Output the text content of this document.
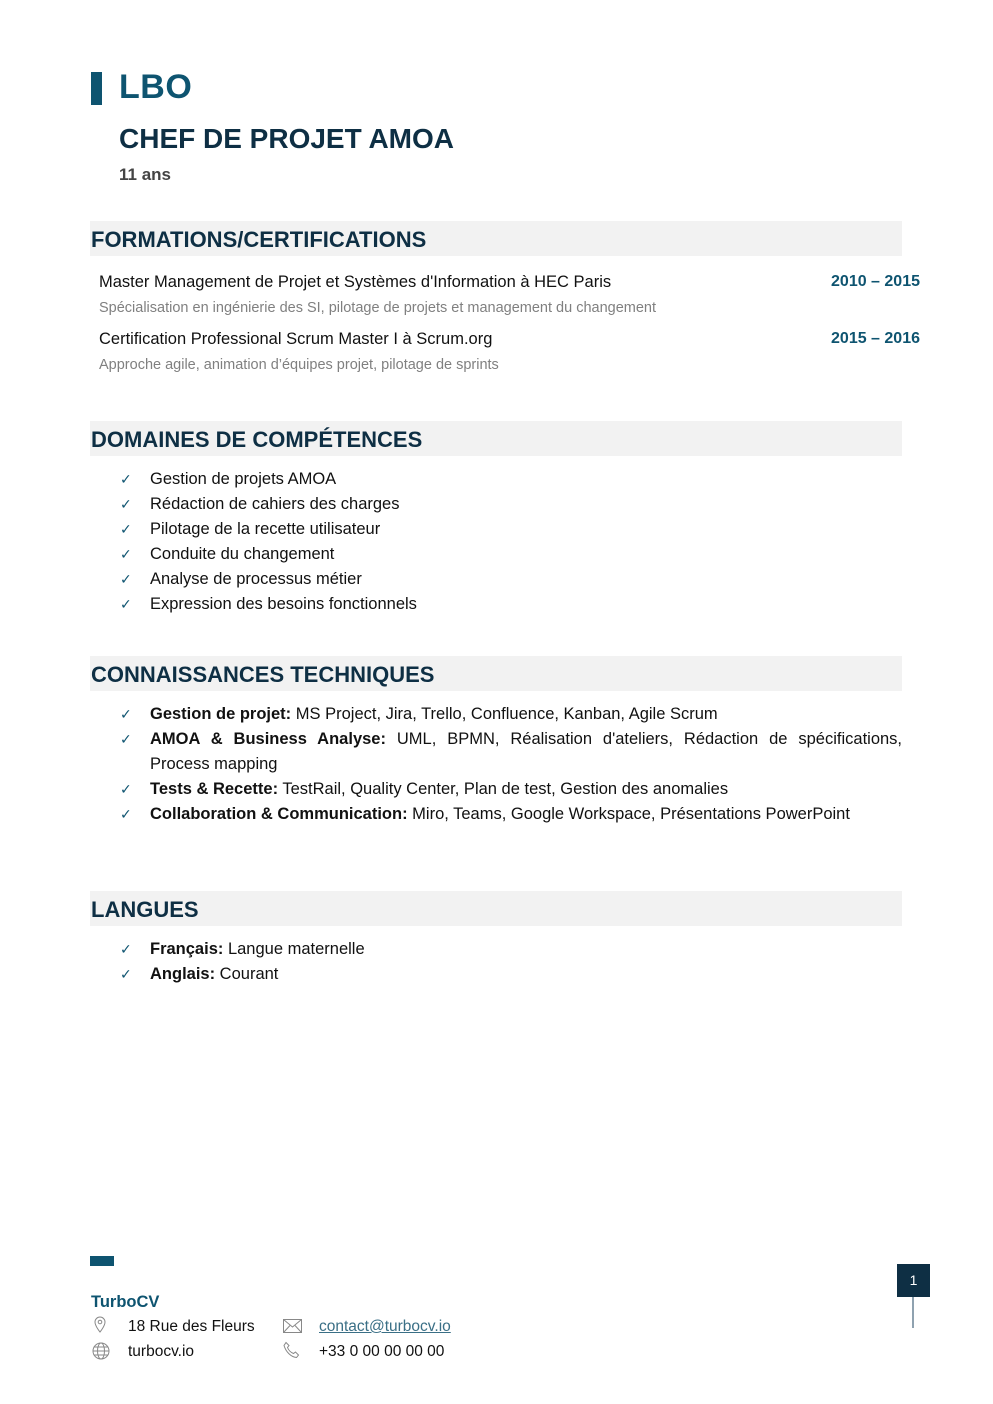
LBO
CHEF DE PROJET AMOA
11 ans
FORMATIONS/CERTIFICATIONS
Master Management de Projet et Systèmes d'Information à HEC Paris	2010 – 2015
Spécialisation en ingénierie des SI, pilotage de projets et management du changement
Certification Professional Scrum Master I à Scrum.org	2015 – 2016
Approche agile, animation d’équipes projet, pilotage de sprints
DOMAINES DE COMPÉTENCES
✓ Gestion de projets AMOA
✓ Rédaction de cahiers des charges
✓ Pilotage de la recette utilisateur
✓ Conduite du changement
✓ Analyse de processus métier
✓ Expression des besoins fonctionnels
CONNAISSANCES TECHNIQUES
✓ Gestion de projet: MS Project, Jira, Trello, Confluence, Kanban, Agile Scrum
✓ AMOA & Business Analyse: UML, BPMN, Réalisation d'ateliers, Rédaction de spécifications, Process mapping
✓ Tests & Recette: TestRail, Quality Center, Plan de test, Gestion des anomalies
✓ Collaboration & Communication: Miro, Teams, Google Workspace, Présentations PowerPoint
LANGUES
✓ Français: Langue maternelle
✓ Anglais: Courant
TurboCV
18 Rue des Fleurs
turbocv.io
contact@turbocv.io
+33 0 00 00 00 00
1
